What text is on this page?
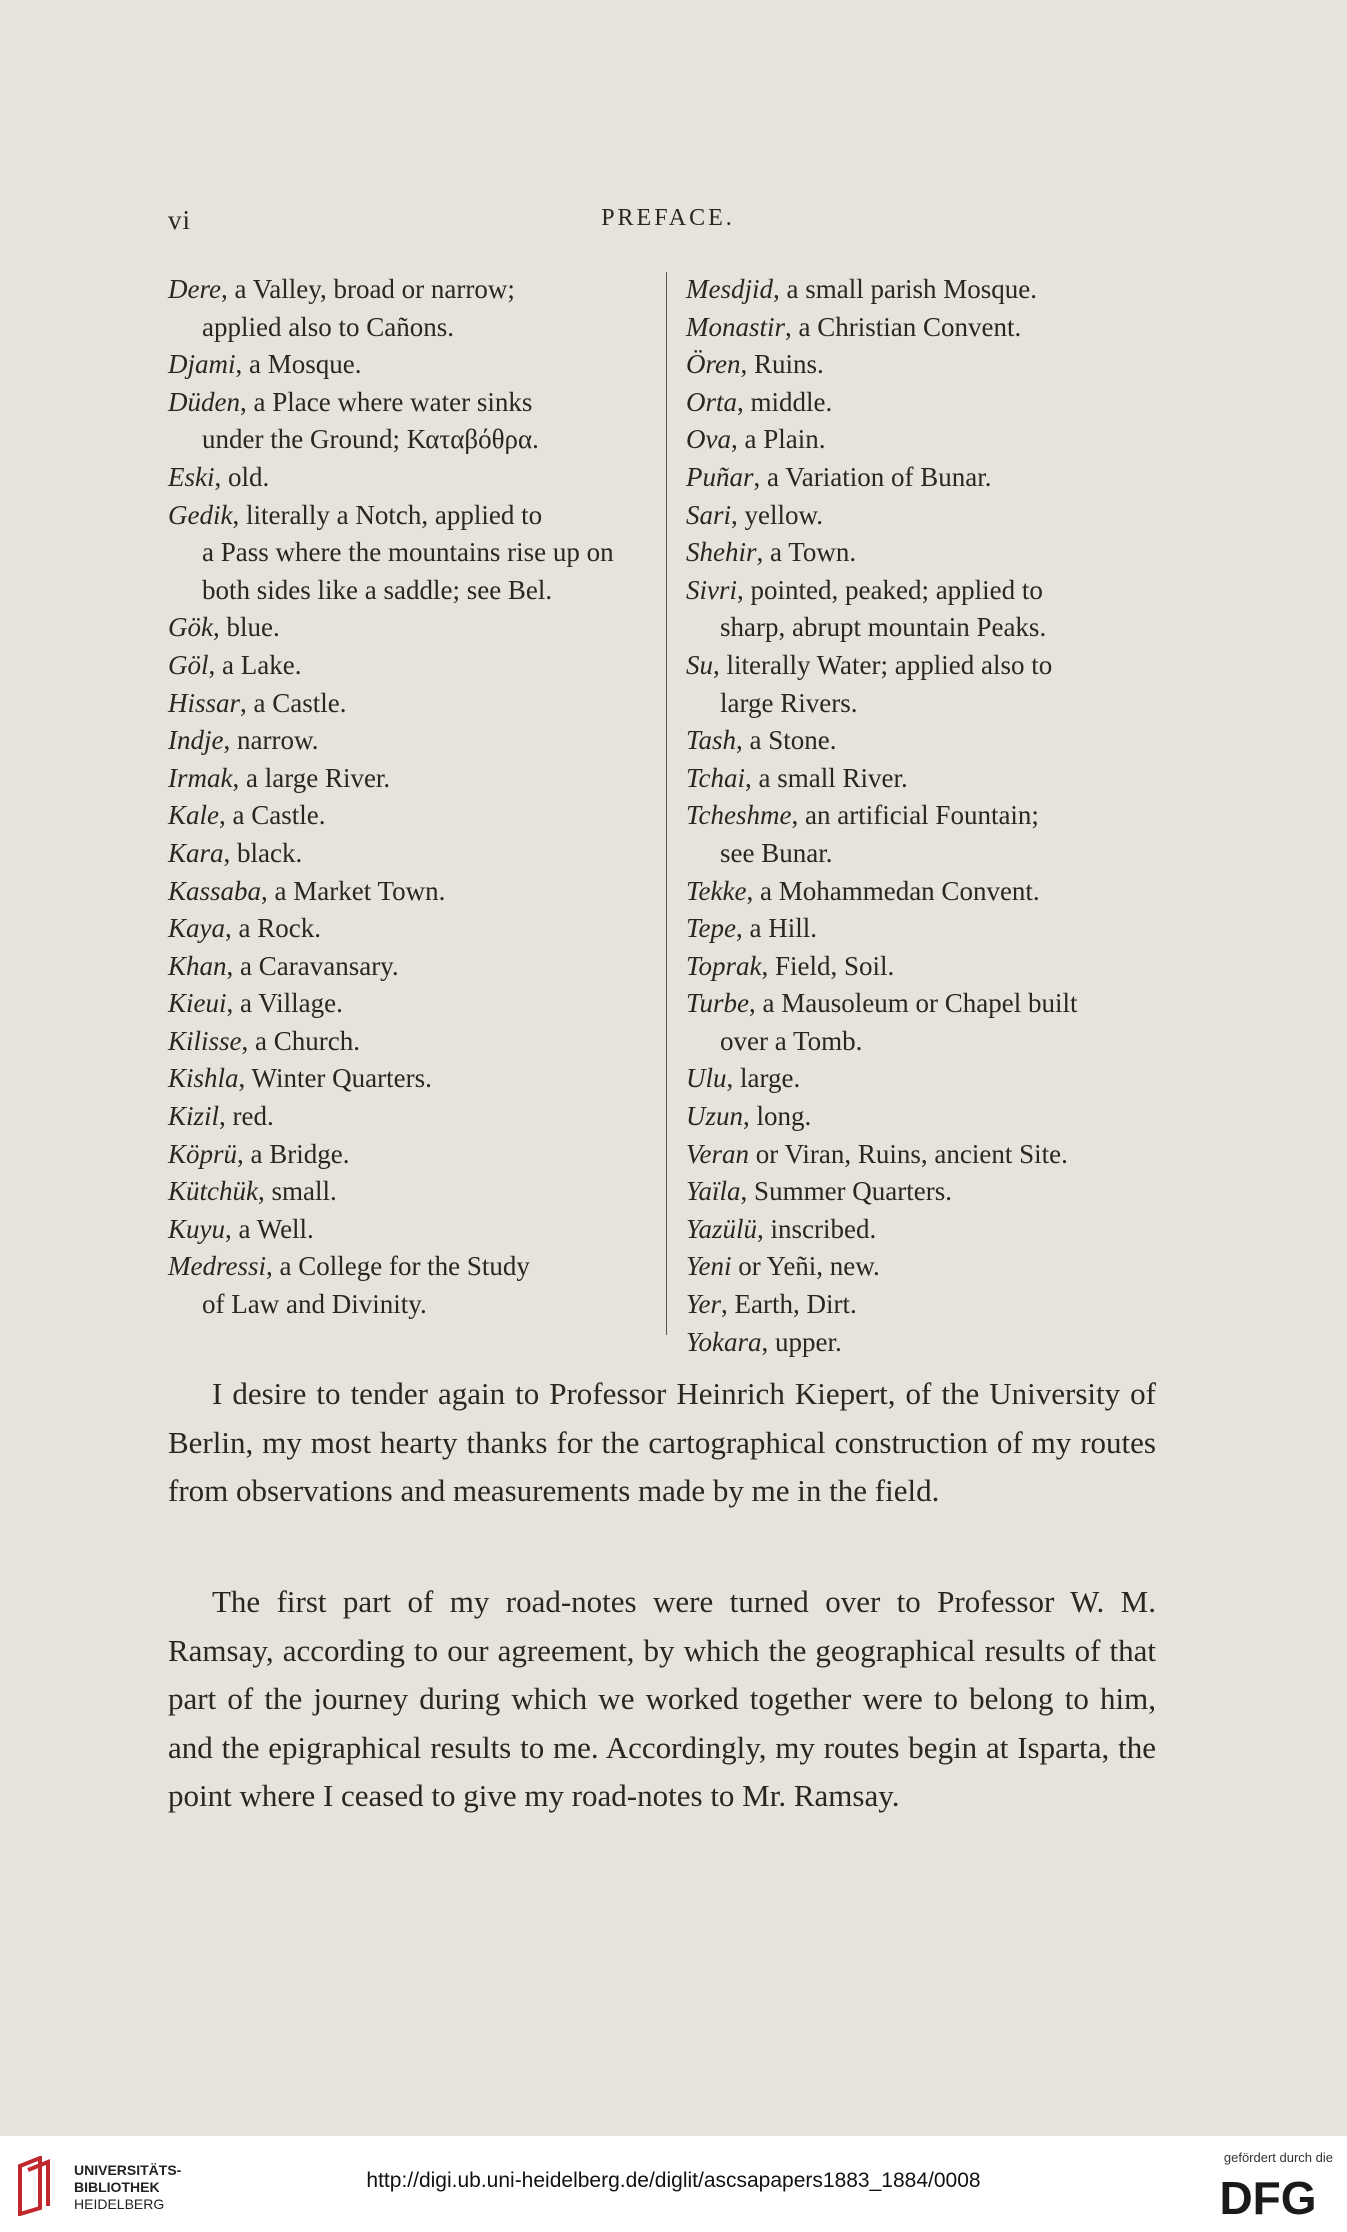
vi	PREFACE.
Dere, a Valley, broad or narrow;
applied also to Cañons.
Djami, a Mosque.
Düden, a Place where water sinks
under the Ground; Καταβόθρα.
Eski, old.
Gedik, literally a Notch, applied to
a Pass where the mountains rise up on both sides like a saddle; see Bel.
Gök, blue.
Göl, a Lake.
Hissar, a Castle.
Indje, narrow.
Irmak, a large River.
Kale, a Castle.
Kara, black.
Kassaba, a Market Town.
Kaya, a Rock.
Khan, a Caravansary.
Kieui, a Village.
Kilisse, a Church.
Kishla, Winter Quarters.
Kizil, red.
Köprü, a Bridge.
Kütchük, small.
Kuyu, a Well.
Medressi, a College for the Study
of Law and Divinity.
Mesdjid, a small parish Mosque.
Monastir, a Christian Convent.
Ören, Ruins.
Orta, middle.
Ova, a Plain.
Puñar, a Variation of Bunar.
Sari, yellow.
Shehir, a Town.
Sivri, pointed, peaked; applied to
sharp, abrupt mountain Peaks.
Su, literally Water; applied also to
large Rivers.
Tash, a Stone.
Tchai, a small River.
Tcheshme, an artificial Fountain;
see Bunar.
Tekke, a Mohammedan Convent.
Tepe, a Hill.
Toprak, Field, Soil.
Turbe, a Mausoleum or Chapel built
over a Tomb.
Ulu, large.
Uzun, long.
Veran or Viran, Ruins, ancient Site.
Yaïla, Summer Quarters.
Yazülü, inscribed.
Yeni or Yeñi, new.
Yer, Earth, Dirt.
Yokara, upper.

I desire to tender again to Professor Heinrich Kiepert, of the University of Berlin, my most hearty thanks for the cartographical construction of my routes from observations and measurements made by me in the field.

The first part of my road-notes were turned over to Professor W. M. Ramsay, according to our agreement, by which the geographical results of that part of the journey during which we worked together were to belong to him, and the epigraphical results to me. Accordingly, my routes begin at Isparta, the point where I ceased to give my road-notes to Mr. Ramsay.

UNIVERSITÄTS-
BIBLIOTHEK
HEIDELBERG
http://digi.ub.uni-heidelberg.de/diglit/ascsapapers1883_1884/0008
gefördert durch die
DFG
